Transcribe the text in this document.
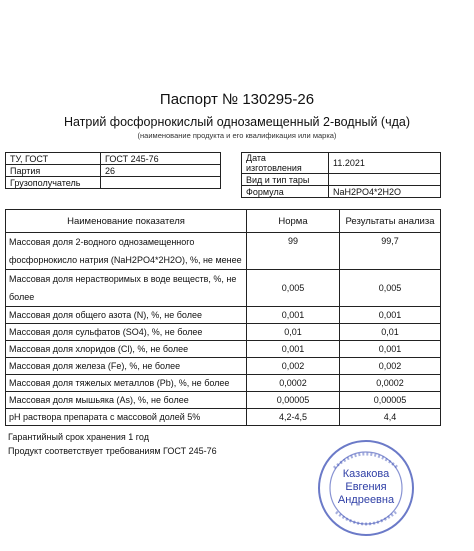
Паспорт № 130295-26
Натрий фосфорнокислый однозамещенный 2-водный (чда)
(наименование продукта и его квалификация или марка)
ТУ, ГОСТ	ГОСТ 245-76
Партия	26
Грузополучатель	
Дата изготовления	11.2021
Вид и тип тары	
Формула	NaH2PO4*2H2O
Наименование показателя	Норма	Результаты анализа

Массовая доля 2-водного однозамещенного
фосфорнокисло натрия (NaH2PO4*2H2O), %, не менее	99	99,7

Массовая доля нерастворимых в воде веществ, %, не
более	0,005	0,005
Массовая доля общего азота (N), %, не более	0,001	0,001
Массовая доля сульфатов (SO4), %, не более	0,01	0,01
Массовая доля хлоридов (Cl), %, не более	0,001	0,001
Массовая доля железа (Fe), %, не более	0,002	0,002
Массовая доля тяжелых металлов (Pb), %, не более	0,0002	0,0002
Массовая доля мышьяка (As), %, не более	0,00005	0,00005
pH раствора препарата с массовой долей 5%	4,2-4,5	4,4
Гарантийный срок хранения 1 год
Продукт соответствует требованиям ГОСТ 245-76
Казакова
Евгения
Андреевна
